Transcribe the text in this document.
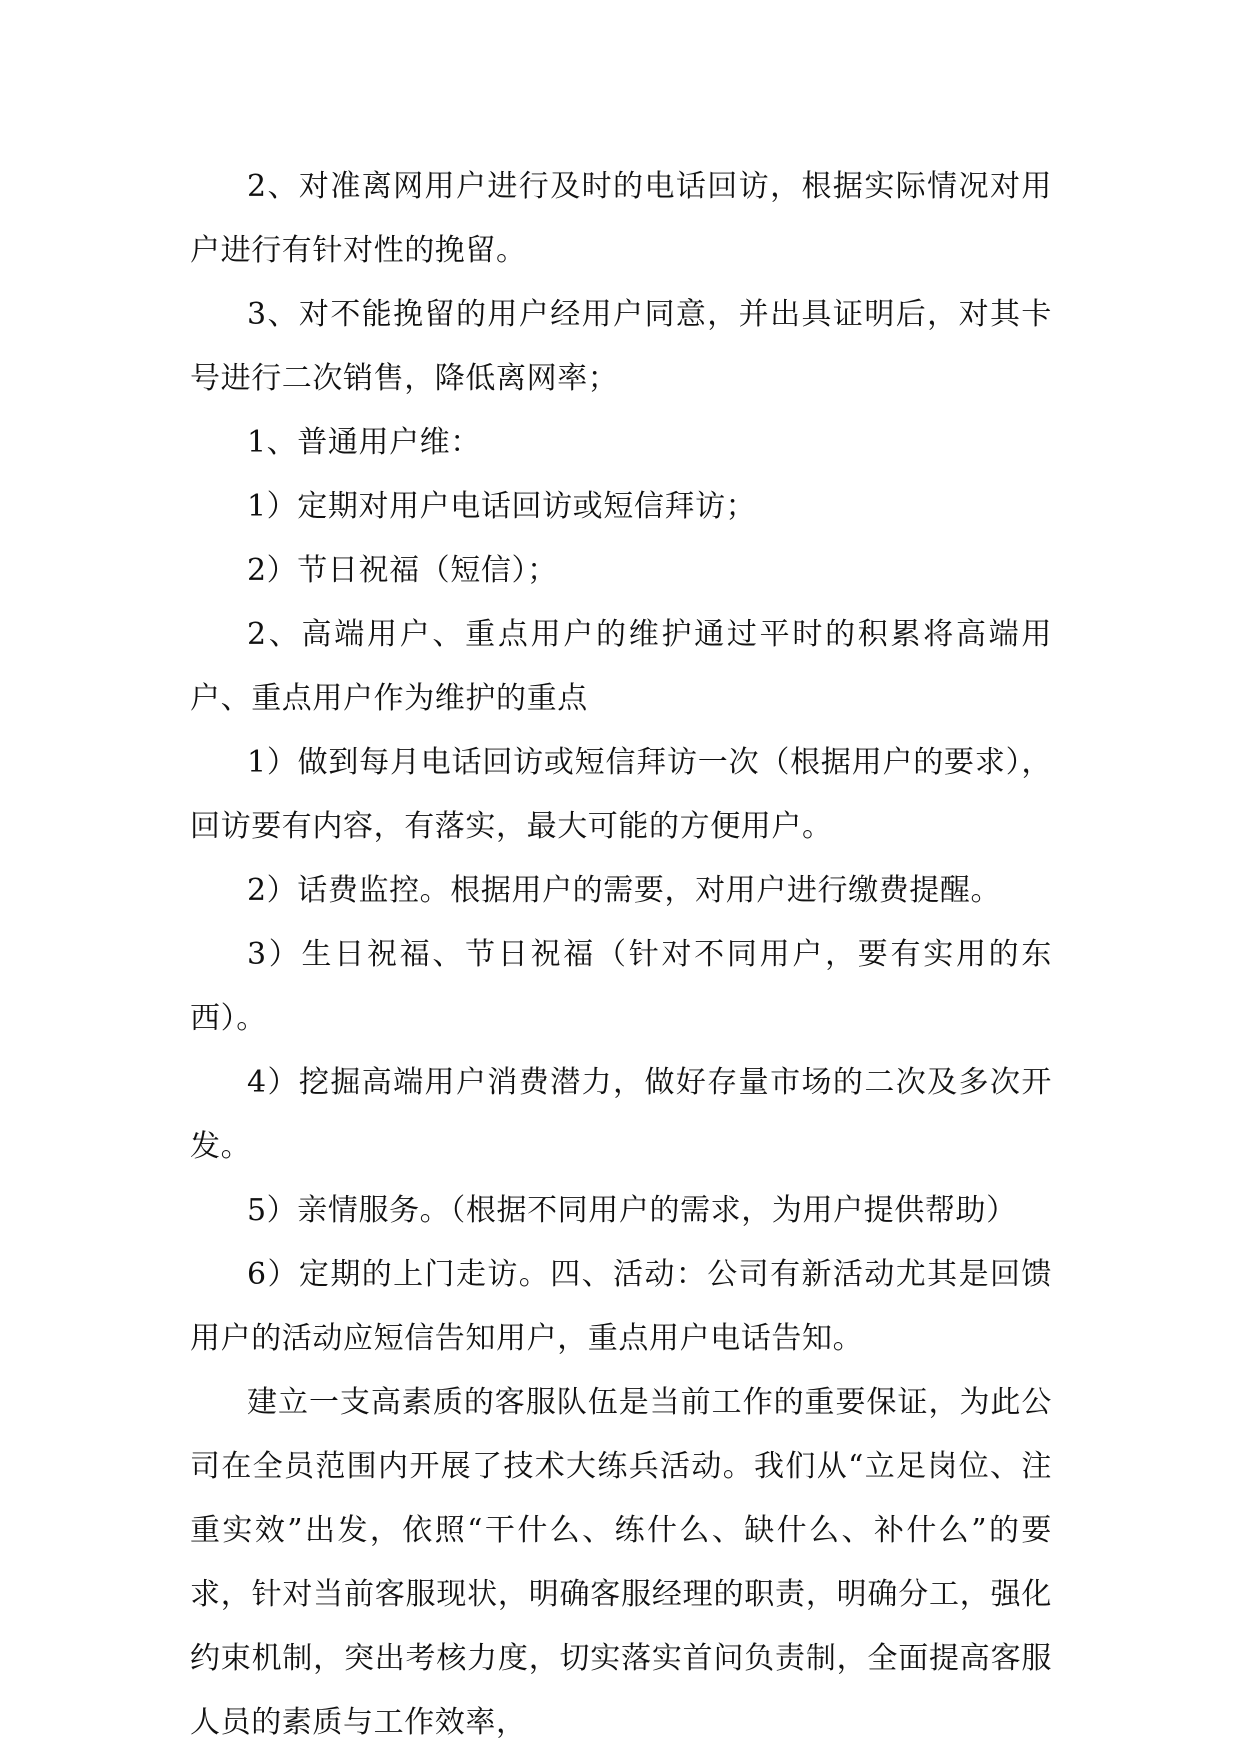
2、对准离网用户进行及时的电话回访，根据实际情况对用户进行有针对性的挽留。

3、对不能挽留的用户经用户同意，并出具证明后，对其卡号进行二次销售，降低离网率；

1、普通用户维：

1）定期对用户电话回访或短信拜访；

2）节日祝福（短信）；

2、高端用户、重点用户的维护通过平时的积累将高端用户、重点用户作为维护的重点

1）做到每月电话回访或短信拜访一次（根据用户的要求），回访要有内容，有落实，最大可能的方便用户。

2）话费监控。根据用户的需要，对用户进行缴费提醒。

3）生日祝福、节日祝福（针对不同用户，要有实用的东西）。

4）挖掘高端用户消费潜力，做好存量市场的二次及多次开发。

5）亲情服务。（根据不同用户的需求，为用户提供帮助）

6）定期的上门走访。四、活动：公司有新活动尤其是回馈用户的活动应短信告知用户，重点用户电话告知。

建立一支高素质的客服队伍是当前工作的重要保证，为此公司在全员范围内开展了技术大练兵活动。我们从“立足岗位、注重实效”出发，依照“干什么、练什么、缺什么、补什么”的要求，针对当前客服现状，明确客服经理的职责，明确分工，强化约束机制，突出考核力度，切实落实首问负责制，全面提高客服人员的素质与工作效率，
